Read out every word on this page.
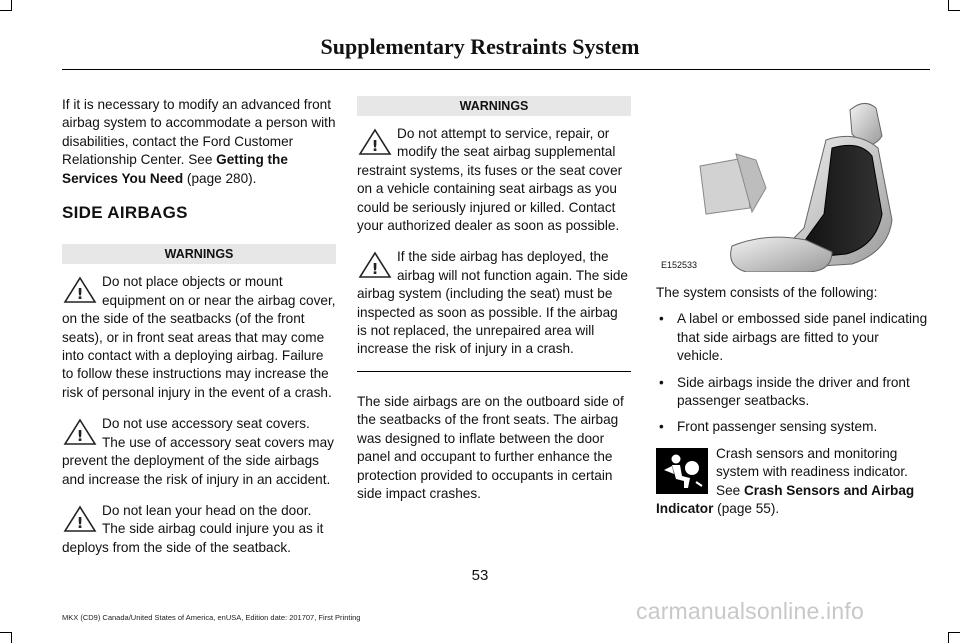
Supplementary Restraints System

If it is necessary to modify an advanced front airbag system to accommodate a person with disabilities, contact the Ford Customer Relationship Center. See Getting the Services You Need (page 280).

SIDE AIRBAGS
WARNINGS
!
Do not place objects or mount equipment on or near the airbag cover, on the side of the seatbacks (of the front seats), or in front seat areas that may come into contact with a deploying airbag. Failure to follow these instructions may increase the risk of personal injury in the event of a crash.
!
Do not use accessory seat covers. The use of accessory seat covers may prevent the deployment of the side airbags and increase the risk of injury in an accident.
!
Do not lean your head on the door. The side airbag could injure you as it deploys from the side of the seatback.
WARNINGS
!
Do not attempt to service, repair, or modify the seat airbag supplemental restraint systems, its fuses or the seat cover on a vehicle containing seat airbags as you could be seriously injured or killed. Contact your authorized dealer as soon as possible.
!
If the side airbag has deployed, the airbag will not function again. The side airbag system (including the seat) must be inspected as soon as possible. If the airbag is not replaced, the unrepaired area will increase the risk of injury in a crash.

The side airbags are on the outboard side of the seatbacks of the front seats. The airbag was designed to inflate between the door panel and occupant to further enhance the protection provided to occupants in certain side impact crashes.

E152533

The system consists of the following:

• A label or embossed side panel indicating that side airbags are fitted to your vehicle.
• Side airbags inside the driver and front passenger seatbacks.
• Front passenger sensing system.
Crash sensors and monitoring system with readiness indicator. See Crash Sensors and Airbag Indicator (page 55).
53
MKX (CD9) Canada/United States of America, enUSA, Edition date: 201707, First Printing	carmanualsonline.info
